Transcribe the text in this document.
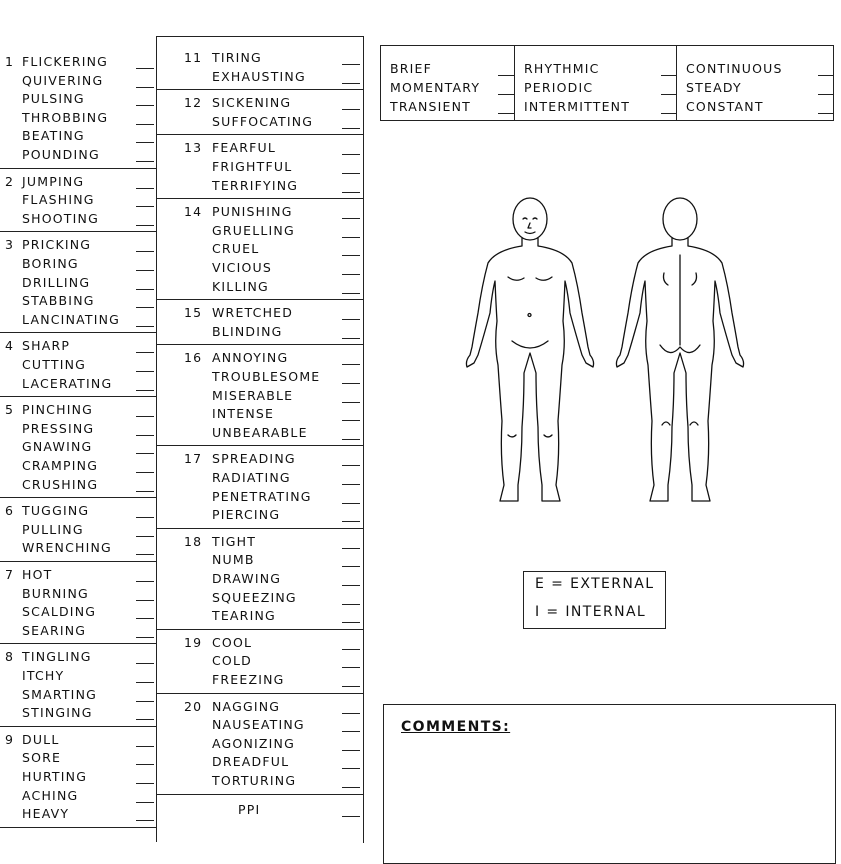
1 FLICKERING
QUIVERING
PULSING
THROBBING
BEATING
POUNDING
2 JUMPING
FLASHING
SHOOTING
3 PRICKING
BORING
DRILLING
STABBING
LANCINATING
4 SHARP
CUTTING
LACERATING
5 PINCHING
PRESSING
GNAWING
CRAMPING
CRUSHING
6 TUGGING
PULLING
WRENCHING
7 HOT
BURNING
SCALDING
SEARING
8 TINGLING
ITCHY
SMARTING
STINGING
9 DULL
SORE
HURTING
ACHING
HEAVY
11 TIRING
EXHAUSTING
12 SICKENING
SUFFOCATING
13 FEARFUL
FRIGHTFUL
TERRIFYING
14 PUNISHING
GRUELLING
CRUEL
VICIOUS
KILLING
15 WRETCHED
BLINDING
16 ANNOYING
TROUBLESOME
MISERABLE
INTENSE
UNBEARABLE
17 SPREADING
RADIATING
PENETRATING
PIERCING
18 TIGHT
NUMB
DRAWING
SQUEEZING
TEARING
19 COOL
COLD
FREEZING
20 NAGGING
NAUSEATING
AGONIZING
DREADFUL
TORTURING
PPI
BRIEF
MOMENTARY
TRANSIENT
RHYTHMIC
PERIODIC
INTERMITTENT
CONTINUOUS
STEADY
CONSTANT
E = EXTERNAL
I = INTERNAL
COMMENTS:
